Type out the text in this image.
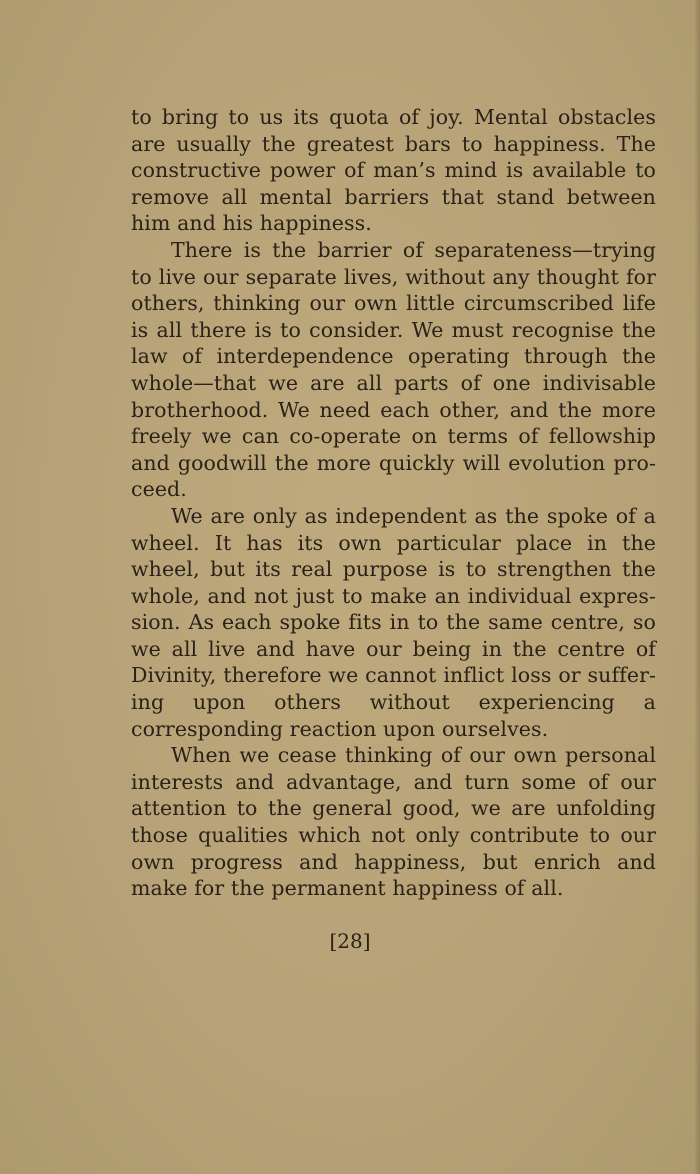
to bring to us its quota of joy. Mental obstacles are usually the greatest bars to happiness. The constructive power of man’s mind is available to remove all mental barriers that stand between him and his happiness.

There is the barrier of separateness—trying to live our separate lives, without any thought for others, thinking our own little circumscribed life is all there is to consider. We must recognise the law of interdependence operating through the whole—that we are all parts of one indivisable brotherhood. We need each other, and the more freely we can co-operate on terms of fellowship and goodwill the more quickly will evolution pro-ceed.

We are only as independent as the spoke of a wheel. It has its own particular place in the wheel, but its real purpose is to strengthen the whole, and not just to make an individual expres-sion. As each spoke fits in to the same centre, so we all live and have our being in the centre of Divinity, therefore we cannot inflict loss or suffer-ing upon others without experiencing a corresponding reaction upon ourselves.

When we cease thinking of our own personal interests and advantage, and turn some of our attention to the general good, we are unfolding those qualities which not only contribute to our own progress and happiness, but enrich and make for the permanent happiness of all.

[28]
